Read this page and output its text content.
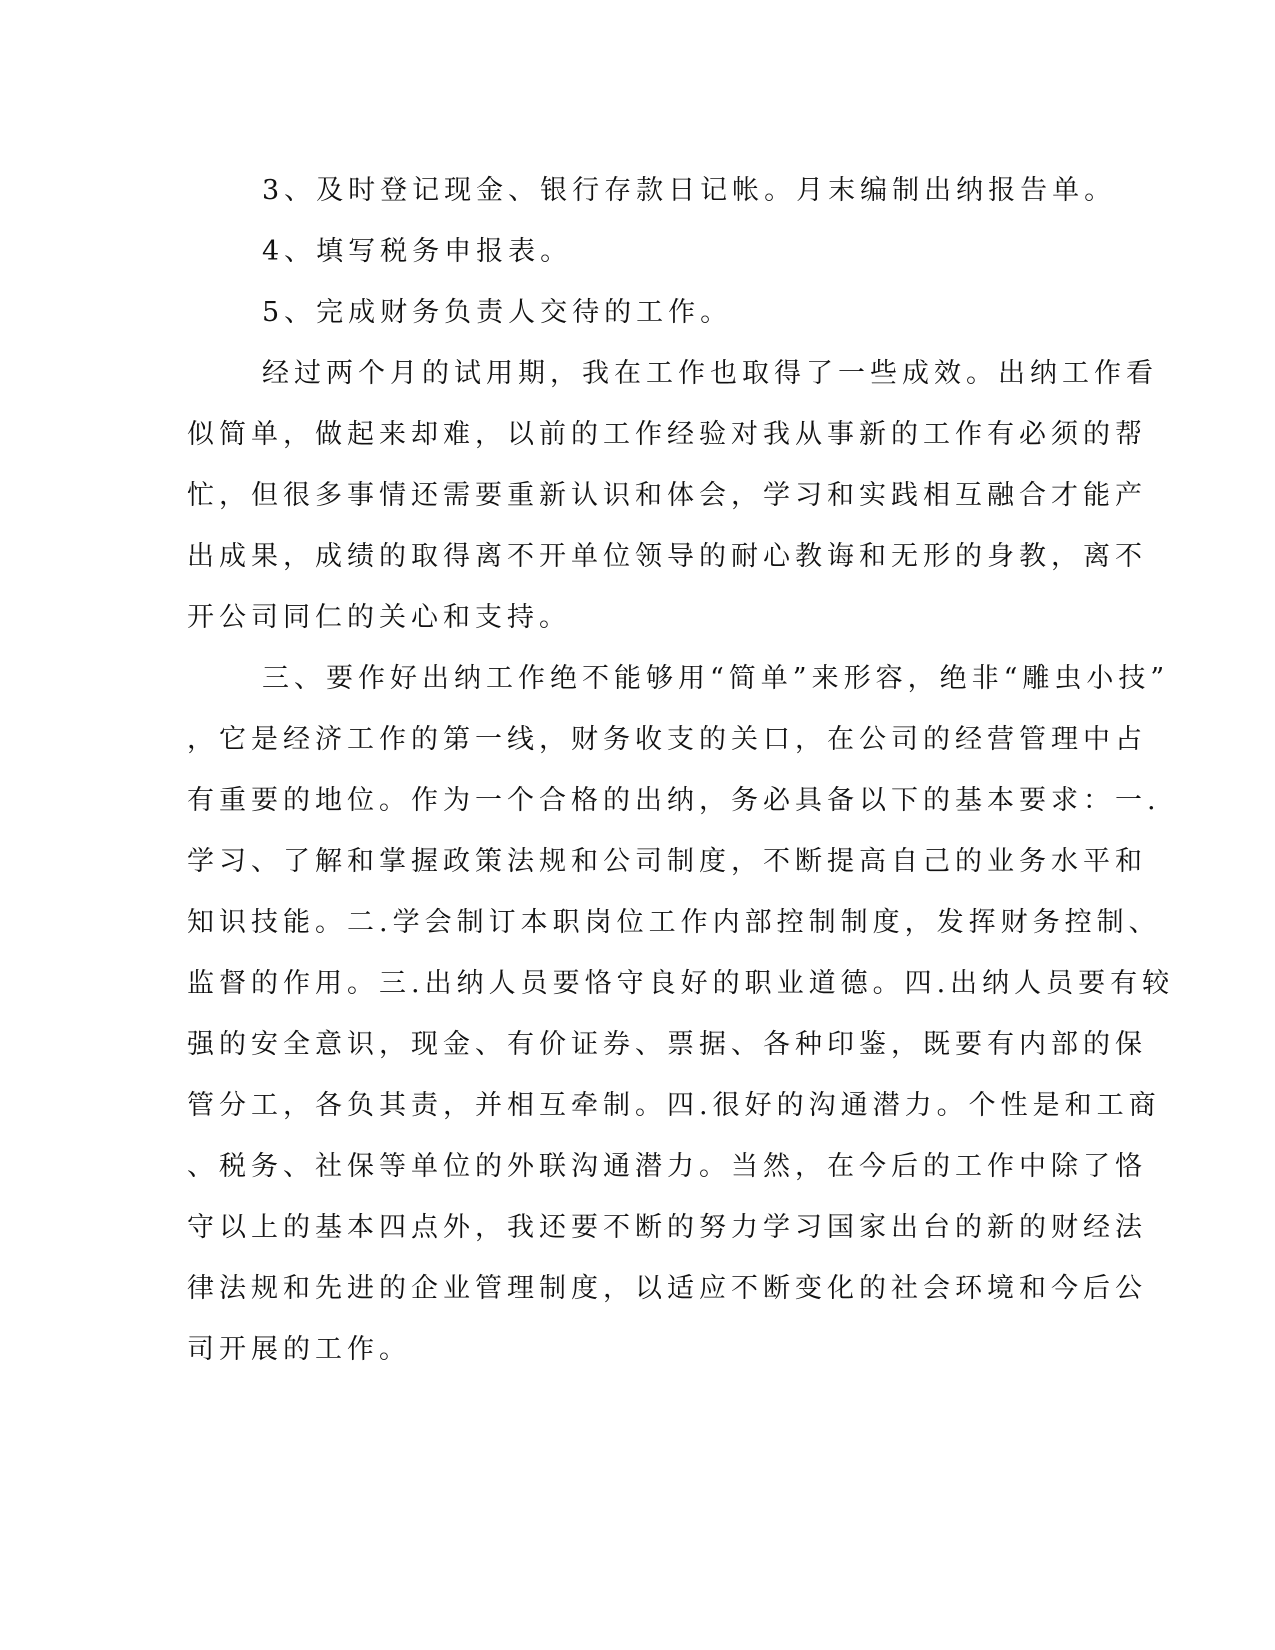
3、及时登记现金、银行存款日记帐。月末编制出纳报告单。
4、填写税务申报表。
5、完成财务负责人交待的工作。
经过两个月的试用期，我在工作也取得了一些成效。出纳工作看
似简单，做起来却难，以前的工作经验对我从事新的工作有必须的帮
忙，但很多事情还需要重新认识和体会，学习和实践相互融合才能产
出成果，成绩的取得离不开单位领导的耐心教诲和无形的身教，离不
开公司同仁的关心和支持。
三、要作好出纳工作绝不能够用“简单”来形容，绝非“雕虫小技”
，它是经济工作的第一线，财务收支的关口，在公司的经营管理中占
有重要的地位。作为一个合格的出纳，务必具备以下的基本要求：一.
学习、了解和掌握政策法规和公司制度，不断提高自己的业务水平和
知识技能。二.学会制订本职岗位工作内部控制制度，发挥财务控制、
监督的作用。三.出纳人员要恪守良好的职业道德。四.出纳人员要有较
强的安全意识，现金、有价证券、票据、各种印鉴，既要有内部的保
管分工，各负其责，并相互牵制。四.很好的沟通潜力。个性是和工商
、税务、社保等单位的外联沟通潜力。当然，在今后的工作中除了恪
守以上的基本四点外，我还要不断的努力学习国家出台的新的财经法
律法规和先进的企业管理制度，以适应不断变化的社会环境和今后公
司开展的工作。
